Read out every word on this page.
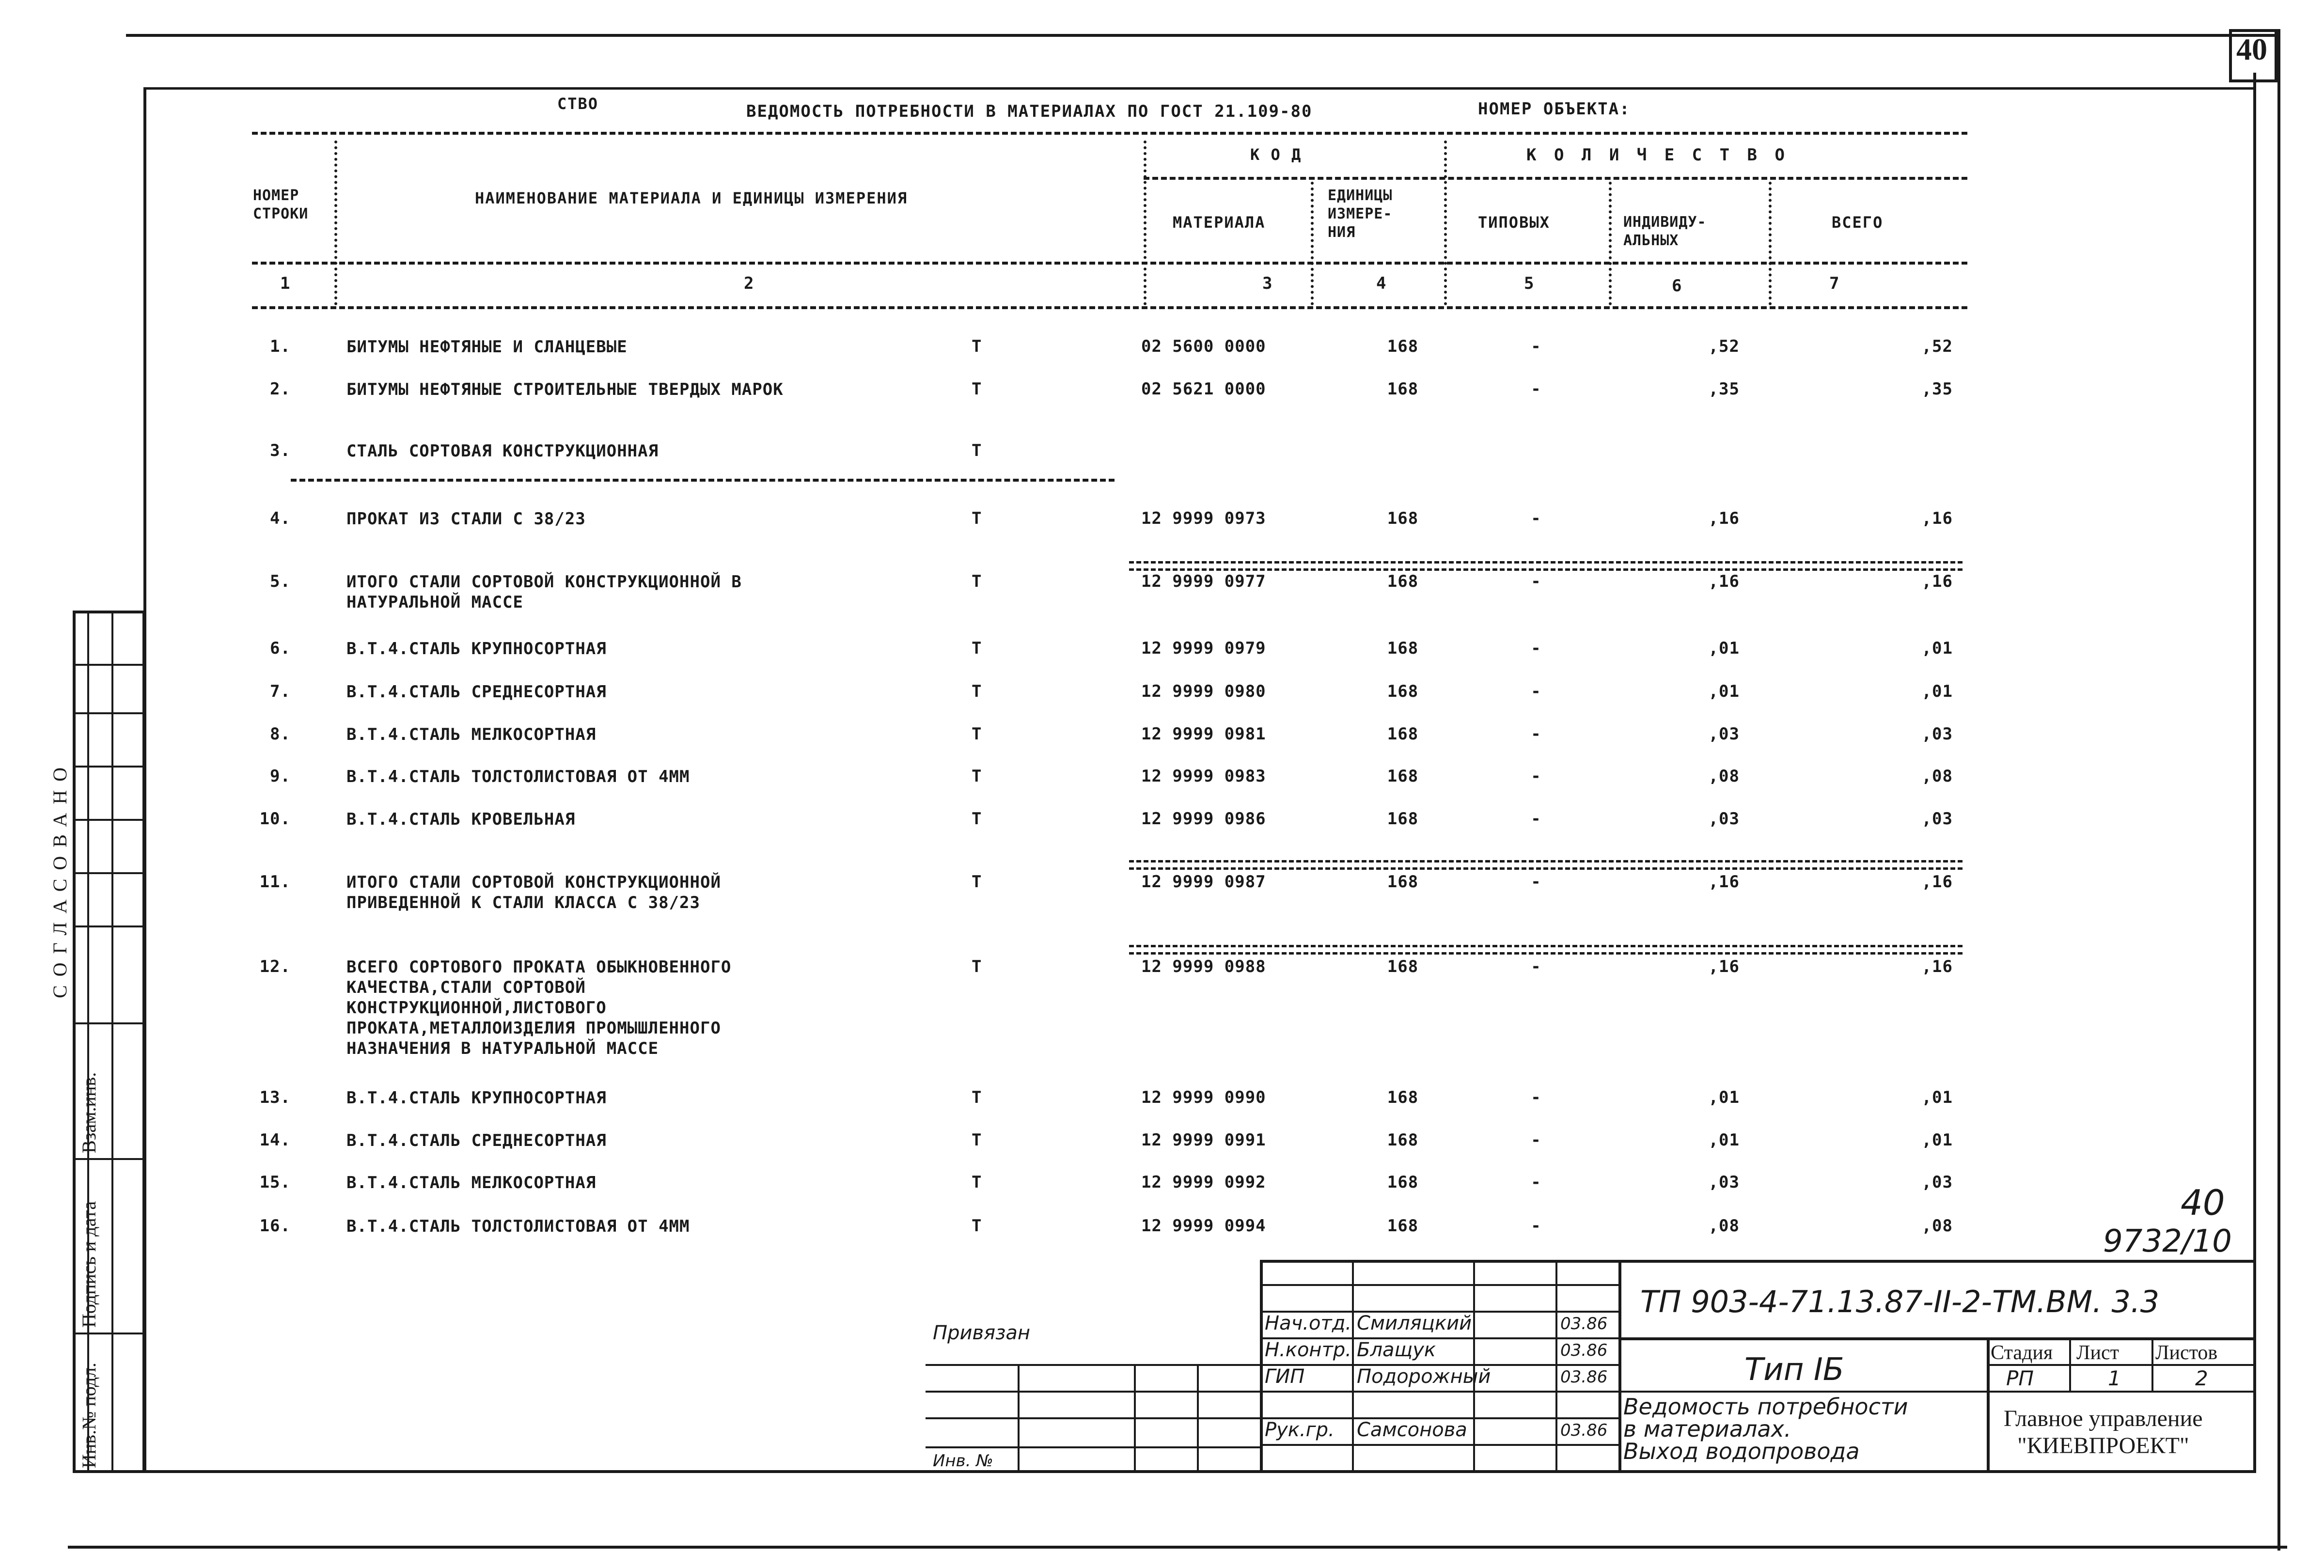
40
СТВО	ВЕДОМОСТЬ ПОТРЕБНОСТИ В МАТЕРИАЛАХ ПО ГОСТ 21.109-80	НОМЕР ОБЪЕКТА:
НОМЕР
СТРОКИ
НАИМЕНОВАНИЕ МАТЕРИАЛА И ЕДИНИЦЫ ИЗМЕРЕНИЯ
К О Д	К О Л И Ч Е С Т В О
МАТЕРИАЛА
ЕДИНИЦЫ
ИЗМЕРЕ-
НИЯ
ТИПОВЫХ	ИНДИВИДУ-
АЛЬНЫХ
ВСЕГО
1	2	3	4	5	6	7
1.	БИТУМЫ НЕФТЯНЫЕ И СЛАНЦЕВЫЕ	Т	02 5600 0000	168	-	,52	,52
2.	БИТУМЫ НЕФТЯНЫЕ СТРОИТЕЛЬНЫЕ ТВЕРДЫХ МАРОК	Т	02 5621 0000	168	-	,35	,35
3.	СТАЛЬ СОРТОВАЯ КОНСТРУКЦИОННАЯ	Т
4.	ПРОКАТ ИЗ СТАЛИ С 38/23	Т	12 9999 0973	168	-	,16	,16
5.	ИТОГО СТАЛИ СОРТОВОЙ КОНСТРУКЦИОННОЙ В
НАТУРАЛЬНОЙ МАССЕ
Т	12 9999 0977	168	-	,16	,16
6.	В.Т.4.СТАЛЬ КРУПНОСОРТНАЯ	Т	12 9999 0979	168	-	,01	,01
7.	В.Т.4.СТАЛЬ СРЕДНЕСОРТНАЯ	Т	12 9999 0980	168	-	,01	,01
8.	В.Т.4.СТАЛЬ МЕЛКОСОРТНАЯ	Т	12 9999 0981	168	-	,03	,03
9.	В.Т.4.СТАЛЬ ТОЛСТОЛИСТОВАЯ ОТ 4ММ	Т	12 9999 0983	168	-	,08	,08
10.	В.Т.4.СТАЛЬ КРОВЕЛЬНАЯ	Т	12 9999 0986	168	-	,03	,03
11.	ИТОГО СТАЛИ СОРТОВОЙ КОНСТРУКЦИОННОЙ
ПРИВЕДЕННОЙ К СТАЛИ КЛАССА С 38/23
Т	12 9999 0987	168	-	,16	,16
12.	ВСЕГО СОРТОВОГО ПРОКАТА ОБЫКНОВЕННОГО
КАЧЕСТВА,СТАЛИ СОРТОВОЙ
КОНСТРУКЦИОННОЙ,ЛИСТОВОГО
ПРОКАТА,МЕТАЛЛОИЗДЕЛИЯ ПРОМЫШЛЕННОГО
НАЗНАЧЕНИЯ В НАТУРАЛЬНОЙ МАССЕ
Т	12 9999 0988	168	-	,16	,16
13.	В.Т.4.СТАЛЬ КРУПНОСОРТНАЯ	Т	12 9999 0990	168	-	,01	,01
14.	В.Т.4.СТАЛЬ СРЕДНЕСОРТНАЯ	Т	12 9999 0991	168	-	,01	,01
15.	В.Т.4.СТАЛЬ МЕЛКОСОРТНАЯ	Т	12 9999 0992	168	-	,03	,03
16.	В.Т.4.СТАЛЬ ТОЛСТОЛИСТОВАЯ ОТ 4ММ	Т	12 9999 0994	168	-	,08	,08
40
9732/10
ТП 903-4-71.13.87-II-2-ТМ.ВМ. 3.3
Нач.отд. Смиляцкий	03.86
Н.контр. Блащук	03.86
ГИП	Подорожный	03.86
Рук.гр. Самсонова	03.86
Тип IБ
Ведомость потребности
в материалах.
Выход водопровода
Стадия Лист Листов
РП	1	2
Главное управление
"КИЕВПРОЕКТ"
Привязан
Инв. №
СОГЛАСОВАНО
Взам.инв.
Подпись и дата
Инв.№ подл.
